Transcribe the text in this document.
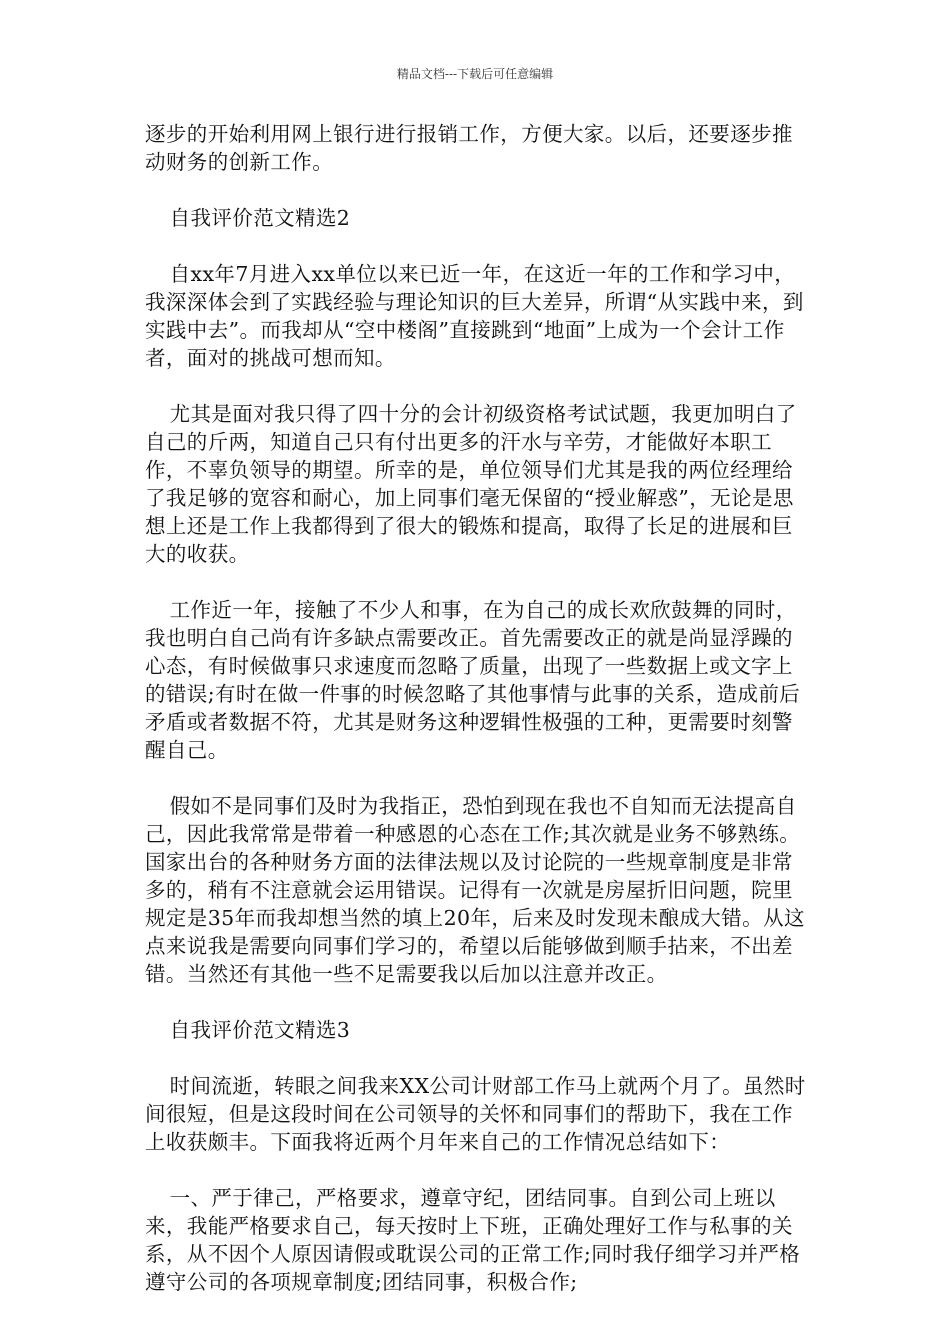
精品文档---下载后可任意编辑

逐步的开始利用网上银行进行报销工作，方便大家。以后，还要逐步推动财务的创新工作。

自我评价范文精选2

自xx年7月进入xx单位以来已近一年，在这近一年的工作和学习中，我深深体会到了实践经验与理论知识的巨大差异，所谓“从实践中来，到实践中去”。而我却从“空中楼阁”直接跳到“地面”上成为一个会计工作者，面对的挑战可想而知。

尤其是面对我只得了四十分的会计初级资格考试试题，我更加明白了自己的斤两，知道自己只有付出更多的汗水与辛劳，才能做好本职工作，不辜负领导的期望。所幸的是，单位领导们尤其是我的两位经理给了我足够的宽容和耐心，加上同事们毫无保留的“授业解惑”，无论是思想上还是工作上我都得到了很大的锻炼和提高，取得了长足的进展和巨大的收获。

工作近一年，接触了不少人和事，在为自己的成长欢欣鼓舞的同时，我也明白自己尚有许多缺点需要改正。首先需要改正的就是尚显浮躁的心态，有时候做事只求速度而忽略了质量，出现了一些数据上或文字上的错误;有时在做一件事的时候忽略了其他事情与此事的关系，造成前后矛盾或者数据不符，尤其是财务这种逻辑性极强的工种，更需要时刻警醒自己。

假如不是同事们及时为我指正，恐怕到现在我也不自知而无法提高自己，因此我常常是带着一种感恩的心态在工作;其次就是业务不够熟练。国家出台的各种财务方面的法律法规以及讨论院的一些规章制度是非常多的，稍有不注意就会运用错误。记得有一次就是房屋折旧问题，院里规定是35年而我却想当然的填上20年，后来及时发现未酿成大错。从这点来说我是需要向同事们学习的，希望以后能够做到顺手拈来，不出差错。当然还有其他一些不足需要我以后加以注意并改正。

自我评价范文精选3

时间流逝，转眼之间我来XX公司计财部工作马上就两个月了。虽然时间很短，但是这段时间在公司领导的关怀和同事们的帮助下，我在工作上收获颇丰。下面我将近两个月年来自己的工作情况总结如下：

一、严于律己，严格要求，遵章守纪，团结同事。自到公司上班以来，我能严格要求自己，每天按时上下班，正确处理好工作与私事的关系，从不因个人原因请假或耽误公司的正常工作;同时我仔细学习并严格遵守公司的各项规章制度;团结同事，积极合作;
